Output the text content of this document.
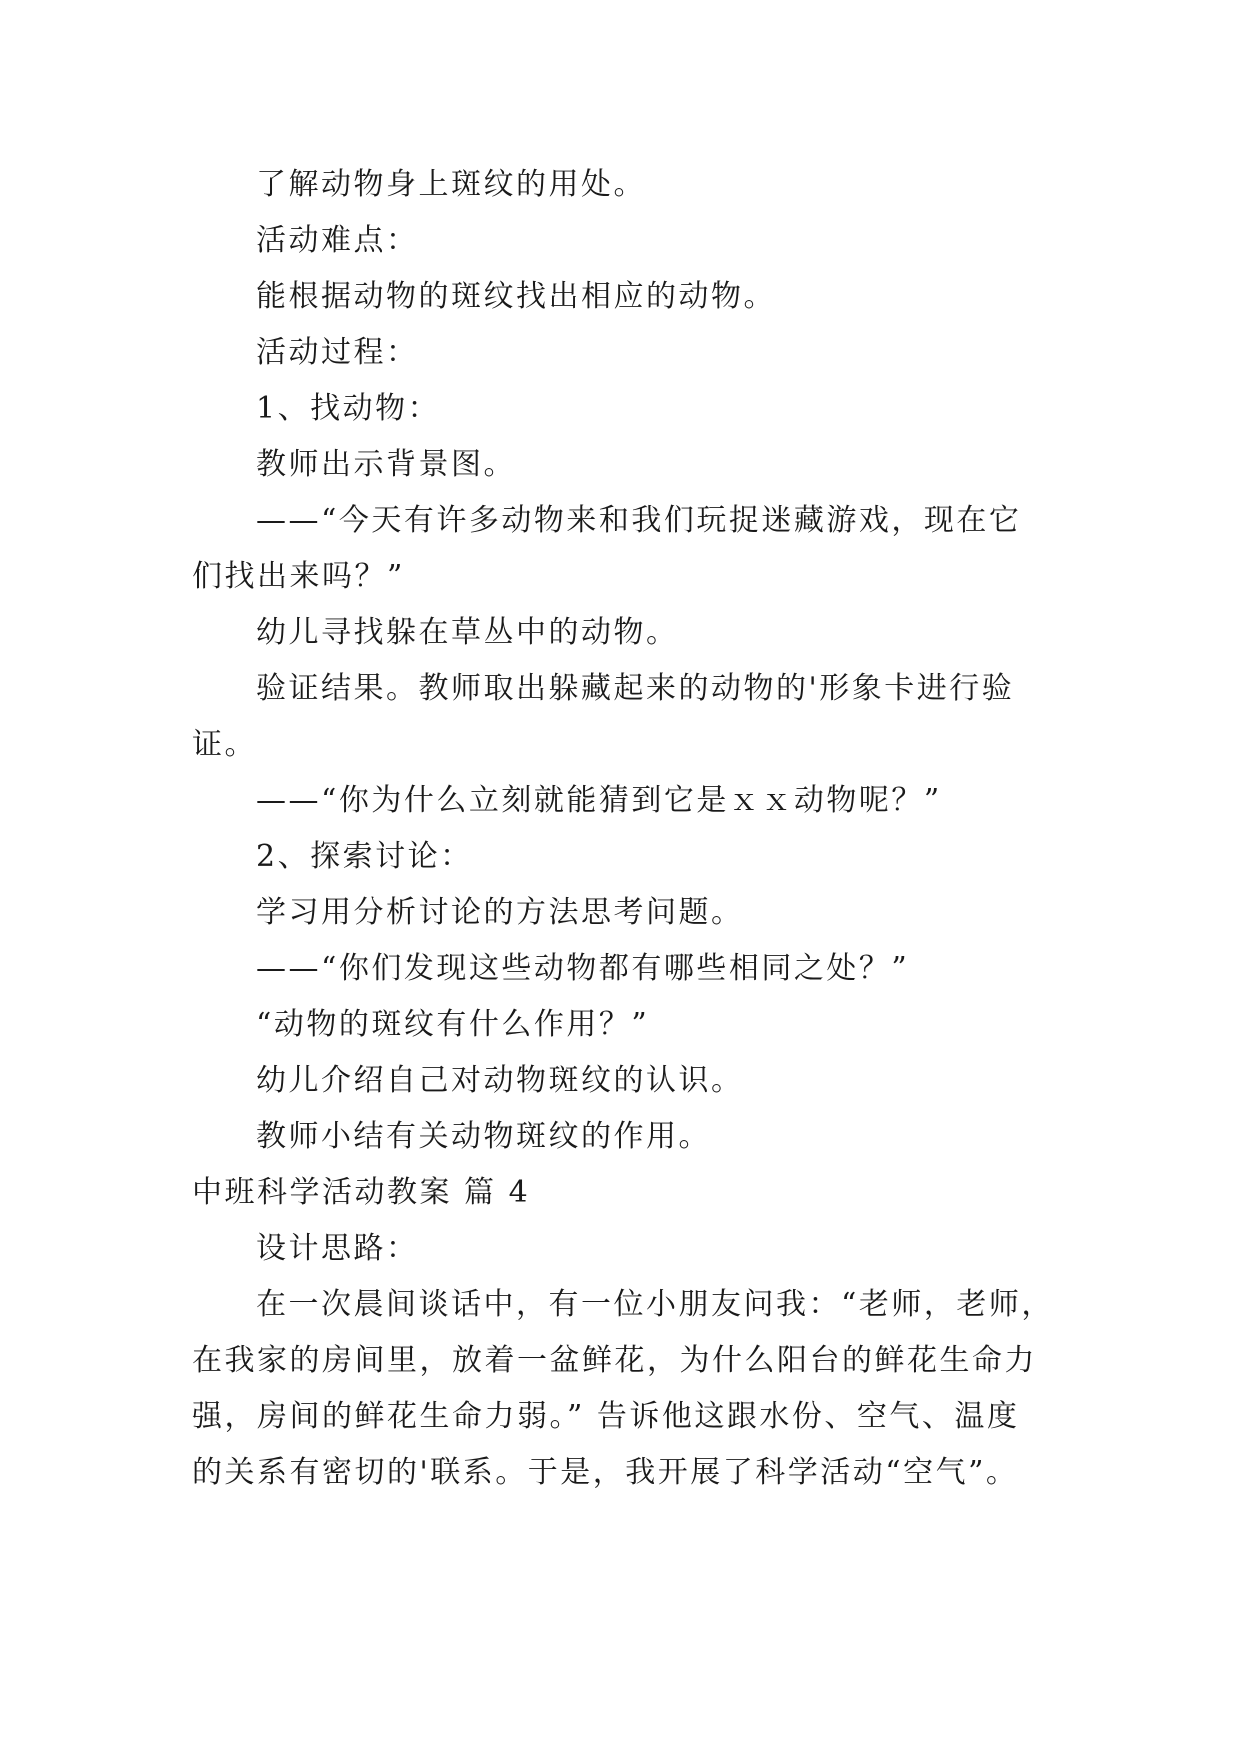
了解动物身上斑纹的用处。
活动难点：
能根据动物的斑纹找出相应的动物。
活动过程：
1、找动物：
教师出示背景图。
——“今天有许多动物来和我们玩捉迷藏游戏，现在它
们找出来吗？”
幼儿寻找躲在草丛中的动物。
验证结果。教师取出躲藏起来的动物的'形象卡进行验
证。
——“你为什么立刻就能猜到它是ｘｘ动物呢？”
2、探索讨论：
学习用分析讨论的方法思考问题。
——“你们发现这些动物都有哪些相同之处？”
“动物的斑纹有什么作用？”
幼儿介绍自己对动物斑纹的认识。
教师小结有关动物斑纹的作用。
中班科学活动教案 篇 4
设计思路：
在一次晨间谈话中，有一位小朋友问我：“老师，老师，
在我家的房间里，放着一盆鲜花，为什么阳台的鲜花生命力
强，房间的鲜花生命力弱。” 告诉他这跟水份、空气、温度
的关系有密切的'联系。于是，我开展了科学活动“空气”。
